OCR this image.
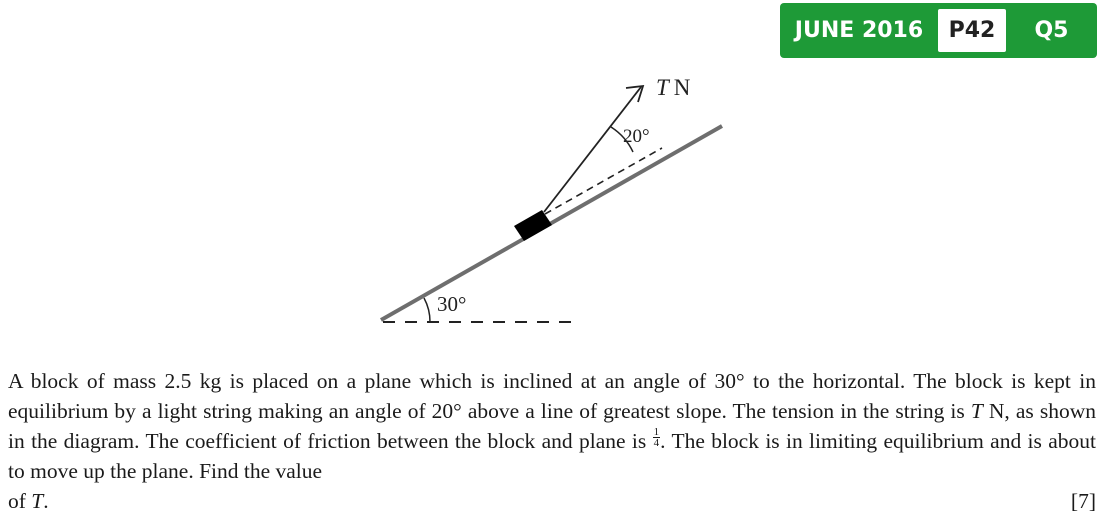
JUNE 2016	P42	Q5
30°
T N
20°

A block of mass 2.5 kg is placed on a plane which is inclined at an angle of 30° to the horizontal. The block is kept in equilibrium by a light string making an angle of 20° above a line of greatest slope. The tension in the string is T N, as shown in the diagram. The coefficient of friction between the block and plane is $\frac{1}{4}$ . The block is in limiting equilibrium and is about to move up the plane. Find the value

of T.	[7]
